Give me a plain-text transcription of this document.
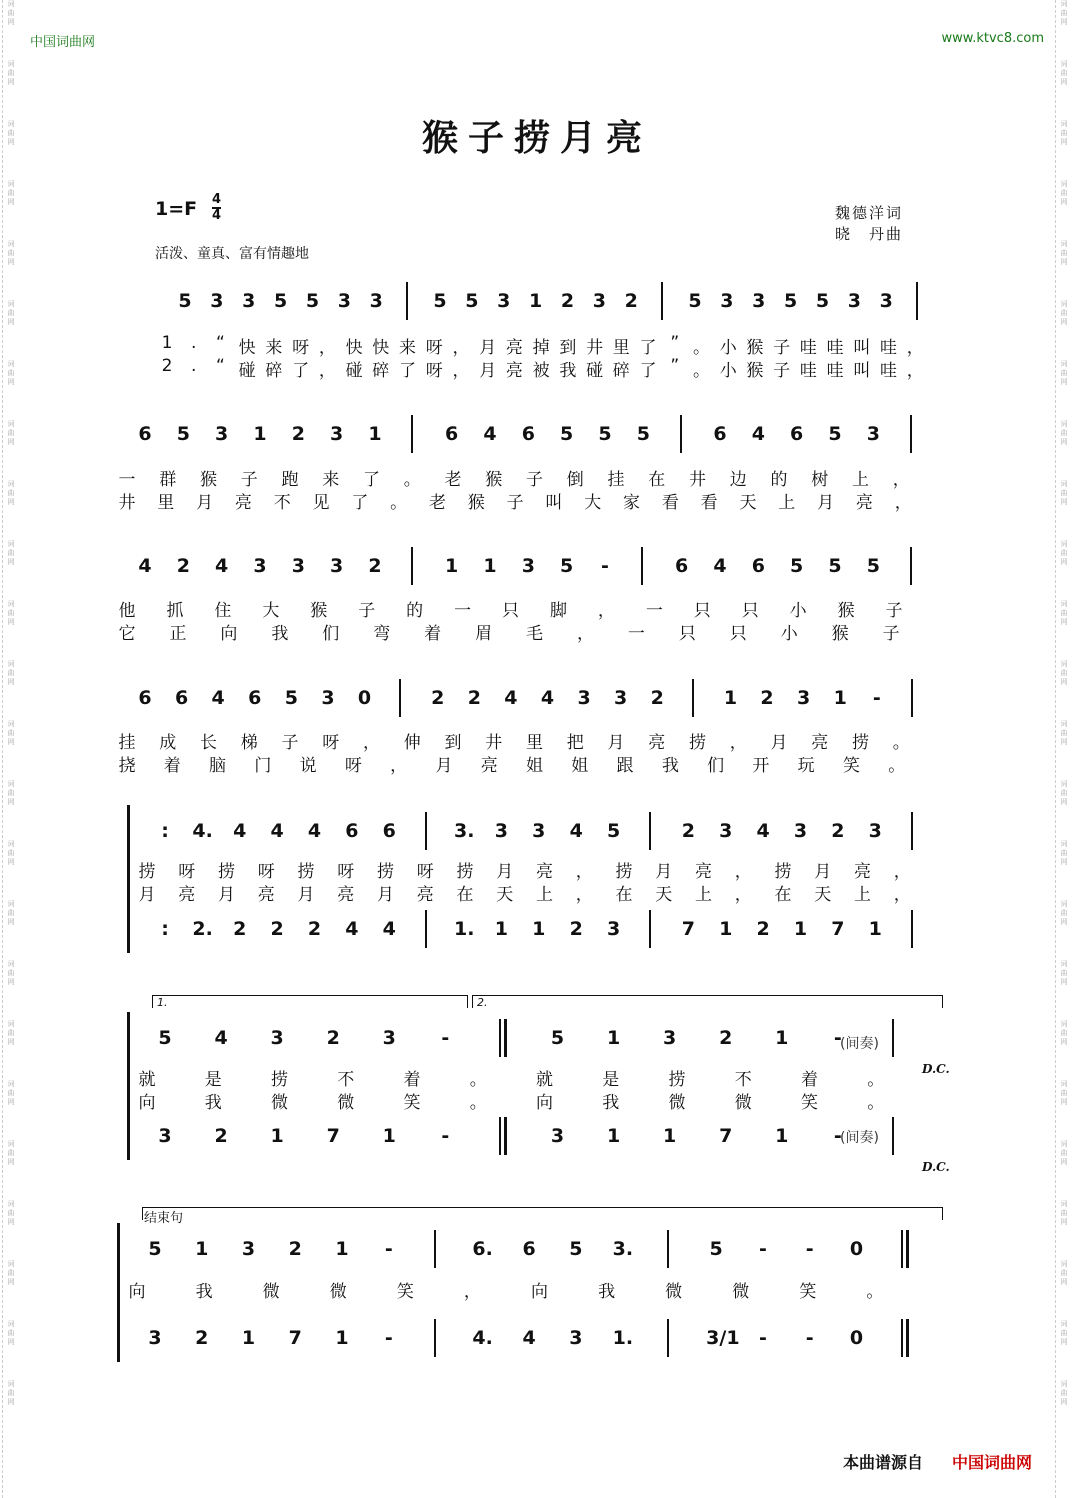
词
曲
网
词
曲
网
词
曲
网
词
曲
网
词
曲
网
词
曲
网
词
曲
网
词
曲
网
词
曲
网
词
曲
网
词
曲
网
词
曲
网
词
曲
网
词
曲
网
词
曲
网
词
曲
网
词
曲
网
词
曲
网
词
曲
网
词
曲
网
词
曲
网
词
曲
网
词
曲
网
词
曲
网
词
曲
网
词
曲
网
词
曲
网
词
曲
网
词
曲
网
词
曲
网
词
曲
网
词
曲
网
词
曲
网
词
曲
网
词
曲
网
词
曲
网
词
曲
网
词
曲
网
词
曲
网
词
曲
网
词
曲
网
词
曲
网
词
曲
网
词
曲
网
词
曲
网
词
曲
网
词
曲
网
词
曲
网
中国词曲网	www.ktvc8.com
猴子捞月亮
1=F 4
4
活泼、童真、富有情趣地
魏德洋词
晓　丹曲
5 3 3 5 5 3 3	5 5 3 1 2 3 2	5 3 3 5 5 3 3
1	.	“ 快 来 呀 ， 快 快 来 呀 ， 月 亮 掉 到 井 里 了 ” 。 小 猴 子 哇 哇 叫 哇 ，
2	.	“ 碰 碎 了 ， 碰 碎 了 呀 ， 月 亮 被 我 碰 碎 了 ” 。 小 猴 子 哇 哇 叫 哇 ，
6 5 3 1 2 3 1	6 4 6 5 5 5	6 4 6 5 3
一 群 猴 子 跑 来 了 。 老 猴 子 倒 挂 在 井 边 的 树 上 ，
井 里 月 亮 不 见 了 。 老 猴 子 叫 大 家 看 看 天 上 月 亮 ，
4 2 4 3 3 3 2	1 1 3 5	-	6 4 6 5 5 5
他 抓 住 大 猴 子 的 一 只 脚 ， 一 只 只 小 猴 子
它 正 向 我 们 弯 着 眉 毛 ， 一 只 只 小 猴 子
6 6 4 6 5 3 0	2 2 4 4 3 3 2	1 2 3 1	-
挂 成 长 梯 子 呀 ， 伸 到 井 里 把 月 亮 捞 ， 月 亮 捞 。
挠 着 脑 门 说 呀 ， 月 亮 姐 姐 跟 我 们 开 玩 笑 。
:	4. 4 4 4 6 6	3. 3 3 4 5	2 3 4 3 2 3
捞 呀 捞 呀 捞 呀 捞 呀 捞 月 亮 ， 捞 月 亮 ， 捞 月 亮 ，
月 亮 月 亮 月 亮 月 亮 在 天 上 ， 在 天 上 ， 在 天 上 ，
:	2. 2 2 2 4 4	1. 1 1 2 3	7 1 2 1 7 1
5 4 3 2 3	-	5 1 3 2 1	-
就	是	捞	不	着	。	就	是	捞	不	着	。
向	我	微	微	笑	。	向	我	微	微	笑	。
3 2 1 7 1	-	3 1 1 7 1	-
1.	2.
(间奏)
(间奏)
D.C.
D.C.
5 1 3 2 1	-	6. 6 5 3.	5	-	-	0
向	我	微	微	笑	，	向	我	微	微	笑	。
3 2 1 7 1	-	4. 4 3 1.	3/1	-	-	0
结束句
本曲谱源自 中国词曲网
